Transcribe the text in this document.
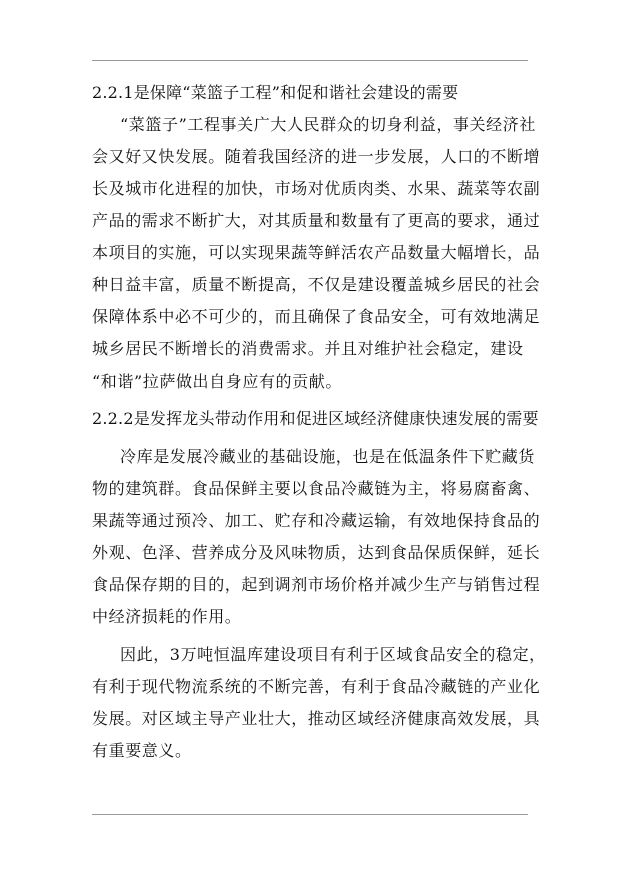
2.2.1是保障“菜篮子工程”和促和谐社会建设的需要
“菜篮子”工程事关广大人民群众的切身利益，事关经济社
会又好又快发展。随着我国经济的进一步发展，人口的不断增
长及城市化进程的加快，市场对优质肉类、水果、蔬菜等农副
产品的需求不断扩大，对其质量和数量有了更高的要求，通过
本项目的实施，可以实现果蔬等鲜活农产品数量大幅增长，品
种日益丰富，质量不断提高，不仅是建设覆盖城乡居民的社会
保障体系中必不可少的，而且确保了食品安全，可有效地满足
城乡居民不断增长的消费需求。并且对维护社会稳定，建设
“和谐”拉萨做出自身应有的贡献。
2.2.2是发挥龙头带动作用和促进区域经济健康快速发展的需要
冷库是发展冷藏业的基础设施，也是在低温条件下贮藏货
物的建筑群。食品保鲜主要以食品冷藏链为主，将易腐畜禽、
果蔬等通过预冷、加工、贮存和冷藏运输，有效地保持食品的
外观、色泽、营养成分及风味物质，达到食品保质保鲜，延长
食品保存期的目的，起到调剂市场价格并减少生产与销售过程
中经济损耗的作用。
因此，3万吨恒温库建设项目有利于区域食品安全的稳定，
有利于现代物流系统的不断完善，有利于食品冷藏链的产业化
发展。对区域主导产业壮大，推动区域经济健康高效发展，具
有重要意义。
